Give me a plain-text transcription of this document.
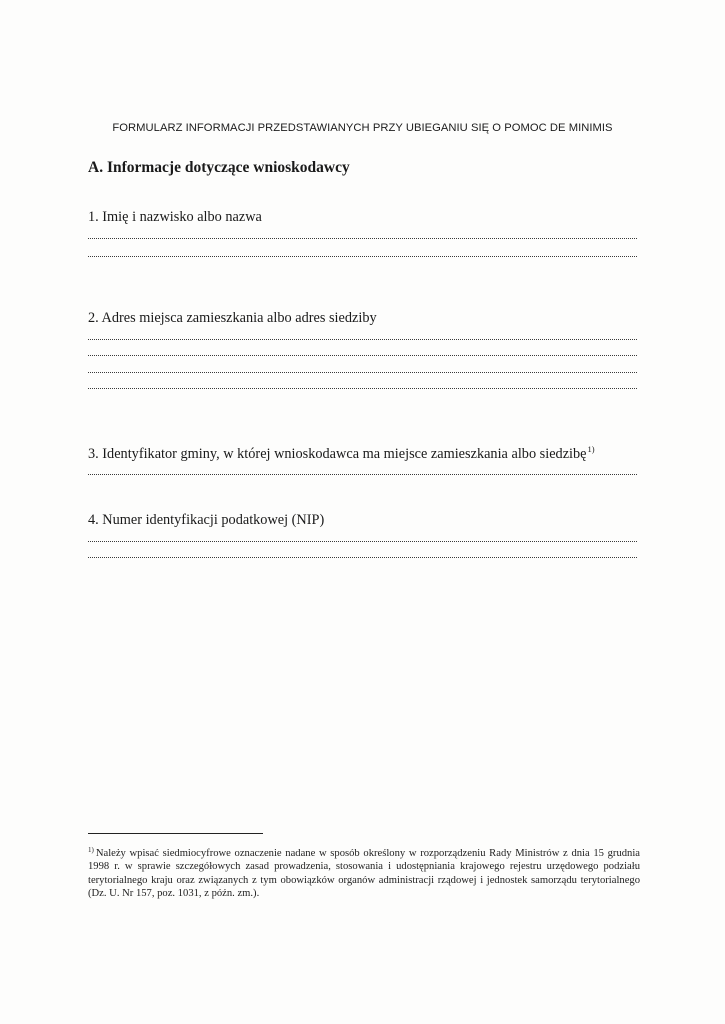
FORMULARZ INFORMACJI PRZEDSTAWIANYCH PRZY UBIEGANIU SIĘ O POMOC DE MINIMIS
A. Informacje dotyczące wnioskodawcy
1. Imię i nazwisko albo nazwa
2. Adres miejsca zamieszkania albo adres siedziby
3. Identyfikator gminy, w której wnioskodawca ma miejsce zamieszkania albo siedzibę$^{1)}$
4. Numer identyfikacji podatkowej (NIP)
$^{1)}$ Należy wpisać siedmiocyfrowe oznaczenie nadane w sposób określony w rozporządzeniu Rady Ministrów z dnia 15 grudnia 1998 r. w sprawie szczegółowych zasad prowadzenia, stosowania i udostępniania krajowego rejestru urzędowego podziału terytorialnego kraju oraz związanych z tym obowiązków organów administracji rządowej i jednostek samorządu terytorialnego (Dz. U. Nr 157, poz. 1031, z późn. zm.).
